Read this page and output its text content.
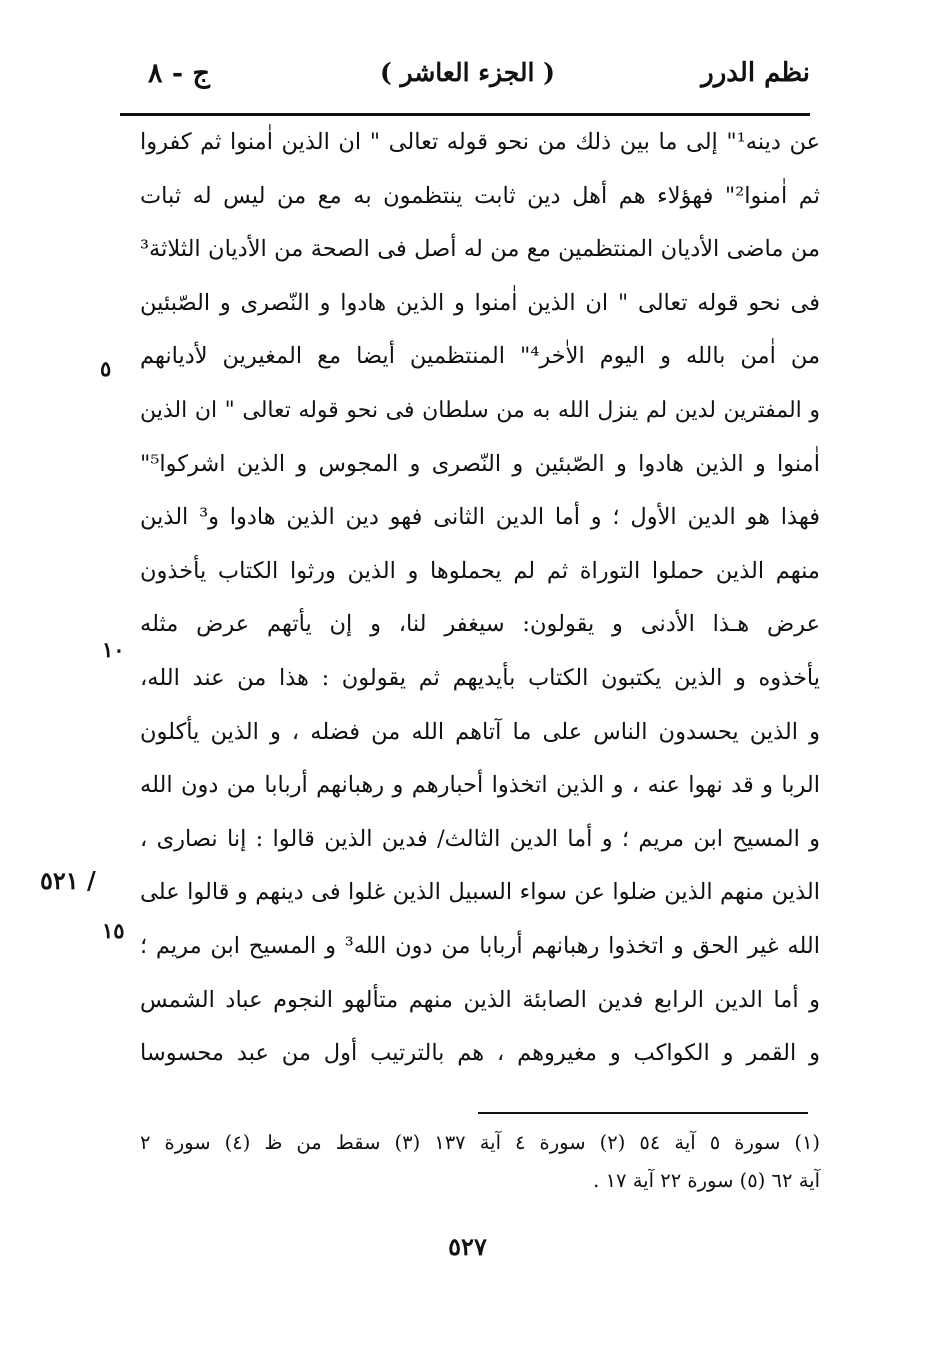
نظم الدرر
( الجزء العاشر )
ج - ٨
عن دينه¹" إلى ما بين ذلك من نحو قوله تعالى " ان الذين اٰمنوا ثم كفروا
ثم اٰمنوا²" فهؤلاء هم أهل دين ثابت ينتظمون به مع من ليس له ثبات
من ماضى الأديان المنتظمين مع من له أصل فى الصحة من الأديان الثلاثة³
فى نحو قوله تعالى " ان الذين اٰمنوا و الذين هادوا و النّصرى و الصّبئين
من اٰمن بالله و اليوم الاٰخر⁴" المنتظمين أيضا مع المغيرين لأديانهم
و المفترين لدين لم ينزل الله به من سلطان فى نحو قوله تعالى " ان الذين
اٰمنوا و الذين هادوا و الصّبئين و النّصرى و المجوس و الذين اشركوا⁵"
فهذا هو الدين الأول ؛ و أما الدين الثانى فهو دين الذين هادوا و³ الذين
منهم الذين حملوا التوراة ثم لم يحملوها و الذين ورثوا الكتاب يأخذون
عرض هـذا الأدنى و يقولون: سيغفر لنا، و إن يأتهم عرض مثله
يأخذوه و الذين يكتبون الكتاب بأيديهم ثم يقولون : هذا من عند الله،
و الذين يحسدون الناس على ما آتاهم الله من فضله ، و الذين يأكلون
الربا و قد نهوا عنه ، و الذين اتخذوا أحبارهم و رهبانهم أربابا من دون الله
و المسيح ابن مريم ؛ و أما الدين الثالث/ فدين الذين قالوا : إنا نصارى ،
الذين منهم الذين ضلوا عن سواء السبيل الذين غلوا فى دينهم و قالوا على
الله غير الحق و اتخذوا رهبانهم أربابا من دون الله³ و المسيح ابن مريم ؛
و أما الدين الرابع فدين الصابئة الذين منهم متألهو النجوم عباد الشمس
و القمر و الكواكب و مغيروهم ، هم بالترتيب أول من عبد محسوسا
٥
١٠
١٥
/ ٥٢١
(١) سورة ٥ آية ٥٤ (٢) سورة ٤ آية ١٣٧ (٣) سقط من ظ (٤) سورة ٢
آية ٦٢ (٥) سورة ٢٢ آية ١٧ .
٥٢٧
